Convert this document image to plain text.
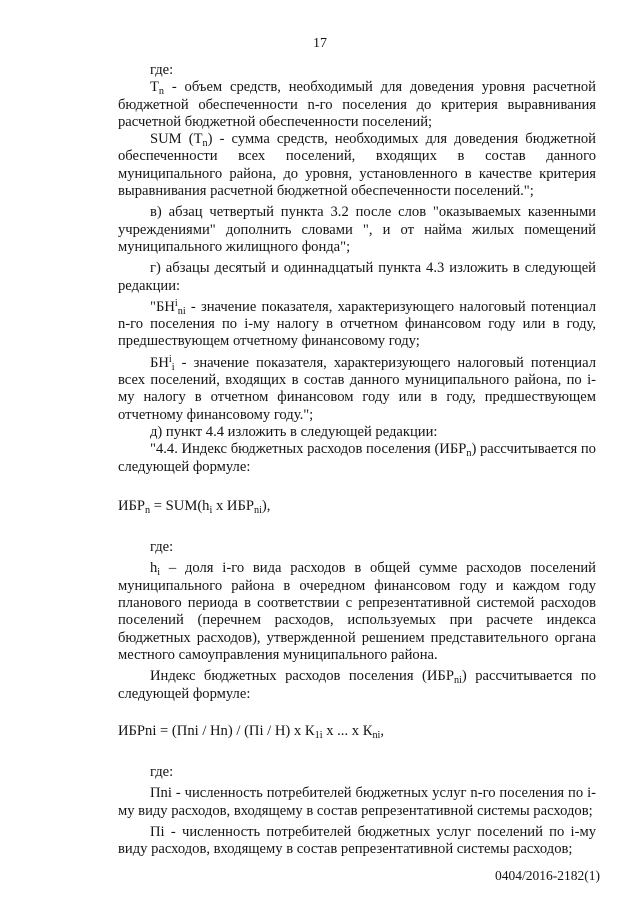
17

где:

$Т_n$ - объем средств, необходимый для доведения уровня расчетной бюджетной обеспеченности n-го поселения до критерия выравнивания расчетной бюджетной обеспеченности поселений;

SUM $(Т_n)$ - сумма средств, необходимых для доведения бюджетной обеспеченности всех поселений, входящих в состав данного муниципального района, до уровня, установленного в качестве критерия выравнивания расчетной бюджетной обеспеченности поселений.";

в) абзац четвертый пункта 3.2 после слов "оказываемых казенными учреждениями" дополнить словами ", и от найма жилых помещений муниципального жилищного фонда";

г) абзацы десятый и одиннадцатый пункта 4.3 изложить в следующей редакции:

"$БН^i_{ni}$ - значение показателя, характеризующего налоговый потенциал n-го поселения по i-му налогу в отчетном финансовом году или в году, предшествующем отчетному финансовому году;

$БН^i_i$ - значение показателя, характеризующего налоговый потенциал всех поселений, входящих в состав данного муниципального района, по i-му налогу в отчетном финансовом году или в году, предшествующем отчетному финансовому году.";

д) пункт 4.4 изложить в следующей редакции:

"4.4. Индекс бюджетных расходов поселения $(ИБР_n)$ рассчитывается по следующей формуле:

$ИБР_n = SUM(h_i$ x $ИБР_{ni}$),

где:

$h_i$ – доля i-го вида расходов в общей сумме расходов поселений муниципального района в очередном финансовом году и каждом году планового периода в соответствии с репрезентативной системой расходов поселений (перечнем расходов, используемых при расчете индекса бюджетных расходов), утвержденной решением представительного органа местного самоуправления муниципального района.

Индекс бюджетных расходов поселения $(ИБР_{ni})$ рассчитывается по следующей формуле:

ИБРni = (Пni / Нn) / (Пi / Н) x $К_{1i}$ x ... x $К_{ni}$,

где:

Пni - численность потребителей бюджетных услуг n-го поселения по i-му виду расходов, входящему в состав репрезентативной системы расходов;

Пi - численность потребителей бюджетных услуг поселений по i-му виду расходов, входящему в состав репрезентативной системы расходов;

0404/2016-2182(1)
